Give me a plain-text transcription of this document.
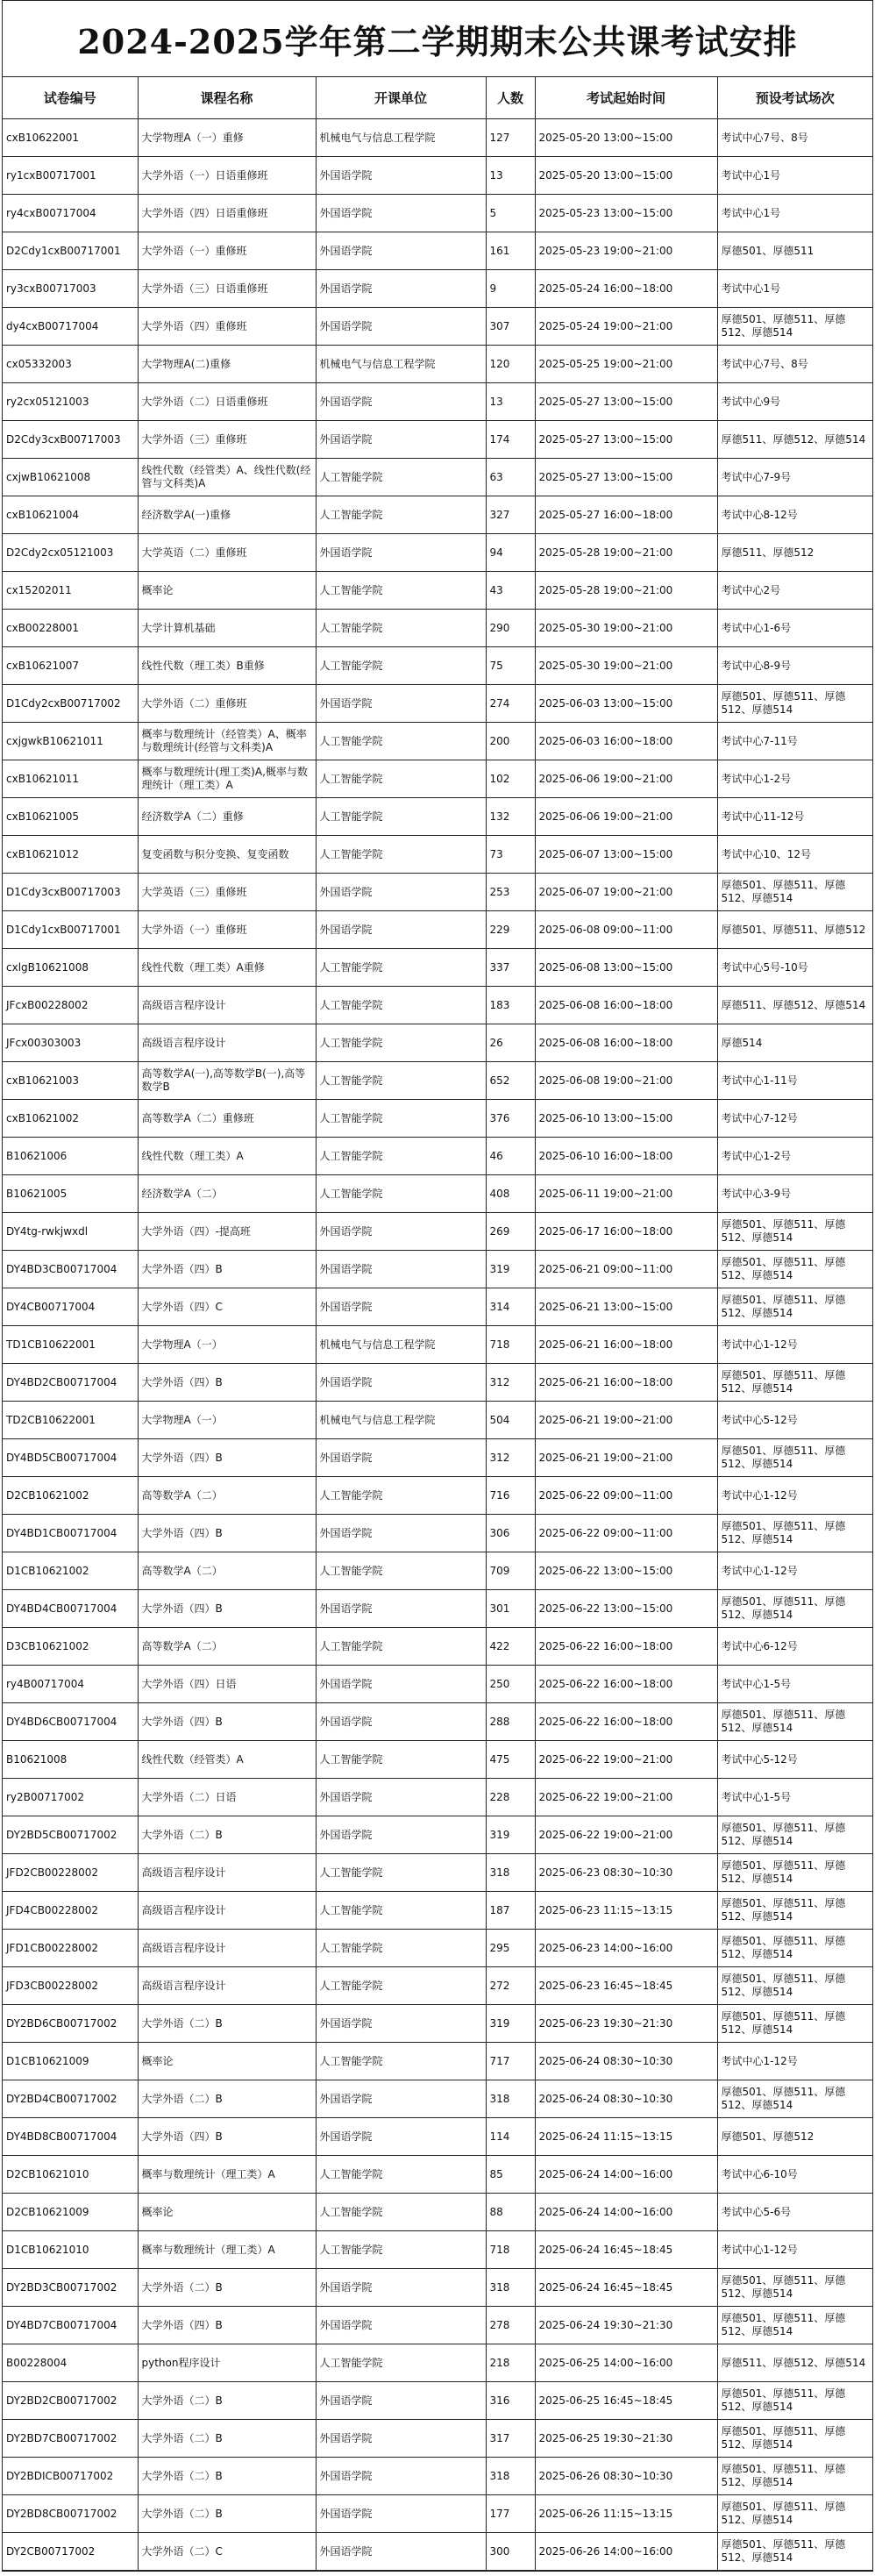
2024-2025学年第二学期期末公共课考试安排
试卷编号	课程名称	开课单位	人数	考试起始时间	预设考试场次
cxB10622001	大学物理A（一）重修	机械电气与信息工程学院	127	2025-05-20 13:00~15:00	考试中心7号、8号
ry1cxB00717001	大学外语（一）日语重修班	外国语学院	13	2025-05-20 13:00~15:00	考试中心1号
ry4cxB00717004	大学外语（四）日语重修班	外国语学院	5	2025-05-23 13:00~15:00	考试中心1号
D2Cdy1cxB00717001	大学外语（一）重修班	外国语学院	161	2025-05-23 19:00~21:00	厚德501、厚德511
ry3cxB00717003	大学外语（三）日语重修班	外国语学院	9	2025-05-24 16:00~18:00	考试中心1号
dy4cxB00717004	大学外语（四）重修班	外国语学院	307	2025-05-24 19:00~21:00	厚德501、厚德511、厚德512、厚德514
cx05332003	大学物理A(二)重修	机械电气与信息工程学院	120	2025-05-25 19:00~21:00	考试中心7号、8号
ry2cx05121003	大学外语（二）日语重修班	外国语学院	13	2025-05-27 13:00~15:00	考试中心9号
D2Cdy3cxB00717003	大学外语（三）重修班	外国语学院	174	2025-05-27 13:00~15:00	厚德511、厚德512、厚德514
cxjwB10621008	线性代数（经管类）A、线性代数(经管与文科类)A	人工智能学院	63	2025-05-27 13:00~15:00	考试中心7-9号
cxB10621004	经济数学A(一)重修	人工智能学院	327	2025-05-27 16:00~18:00	考试中心8-12号
D2Cdy2cx05121003	大学英语（二）重修班	外国语学院	94	2025-05-28 19:00~21:00	厚德511、厚德512
cx15202011	概率论	人工智能学院	43	2025-05-28 19:00~21:00	考试中心2号
cxB00228001	大学计算机基础	人工智能学院	290	2025-05-30 19:00~21:00	考试中心1-6号
cxB10621007	线性代数（理工类）B重修	人工智能学院	75	2025-05-30 19:00~21:00	考试中心8-9号
D1Cdy2cxB00717002	大学外语（二）重修班	外国语学院	274	2025-06-03 13:00~15:00	厚德501、厚德511、厚德512、厚德514
cxjgwkB10621011	概率与数理统计（经管类）A、概率与数理统计(经管与文科类)A	人工智能学院	200	2025-06-03 16:00~18:00	考试中心7-11号
cxB10621011	概率与数理统计(理工类)A,概率与数理统计（理工类）A	人工智能学院	102	2025-06-06 19:00~21:00	考试中心1-2号
cxB10621005	经济数学A（二）重修	人工智能学院	132	2025-06-06 19:00~21:00	考试中心11-12号
cxB10621012	复变函数与积分变换、复变函数	人工智能学院	73	2025-06-07 13:00~15:00	考试中心10、12号
D1Cdy3cxB00717003	大学英语（三）重修班	外国语学院	253	2025-06-07 19:00~21:00	厚德501、厚德511、厚德512、厚德514
D1Cdy1cxB00717001	大学外语（一）重修班	外国语学院	229	2025-06-08 09:00~11:00	厚德501、厚德511、厚德512
cxlgB10621008	线性代数（理工类）A重修	人工智能学院	337	2025-06-08 13:00~15:00	考试中心5号-10号
JFcxB00228002	高级语言程序设计	人工智能学院	183	2025-06-08 16:00~18:00	厚德511、厚德512、厚德514
JFcx00303003	高级语言程序设计	人工智能学院	26	2025-06-08 16:00~18:00	厚德514
cxB10621003	高等数学A(一),高等数学B(一),高等数学B	人工智能学院	652	2025-06-08 19:00~21:00	考试中心1-11号
cxB10621002	高等数学A（二）重修班	人工智能学院	376	2025-06-10 13:00~15:00	考试中心7-12号
B10621006	线性代数（理工类）A	人工智能学院	46	2025-06-10 16:00~18:00	考试中心1-2号
B10621005	经济数学A（二）	人工智能学院	408	2025-06-11 19:00~21:00	考试中心3-9号
DY4tg-rwkjwxdl	大学外语（四）-提高班	外国语学院	269	2025-06-17 16:00~18:00	厚德501、厚德511、厚德512、厚德514
DY4BD3CB00717004	大学外语（四）B	外国语学院	319	2025-06-21 09:00~11:00	厚德501、厚德511、厚德512、厚德514
DY4CB00717004	大学外语（四）C	外国语学院	314	2025-06-21 13:00~15:00	厚德501、厚德511、厚德512、厚德514
TD1CB10622001	大学物理A（一）	机械电气与信息工程学院	718	2025-06-21 16:00~18:00	考试中心1-12号
DY4BD2CB00717004	大学外语（四）B	外国语学院	312	2025-06-21 16:00~18:00	厚德501、厚德511、厚德512、厚德514
TD2CB10622001	大学物理A（一）	机械电气与信息工程学院	504	2025-06-21 19:00~21:00	考试中心5-12号
DY4BD5CB00717004	大学外语（四）B	外国语学院	312	2025-06-21 19:00~21:00	厚德501、厚德511、厚德512、厚德514
D2CB10621002	高等数学A（二）	人工智能学院	716	2025-06-22 09:00~11:00	考试中心1-12号
DY4BD1CB00717004	大学外语（四）B	外国语学院	306	2025-06-22 09:00~11:00	厚德501、厚德511、厚德512、厚德514
D1CB10621002	高等数学A（二）	人工智能学院	709	2025-06-22 13:00~15:00	考试中心1-12号
DY4BD4CB00717004	大学外语（四）B	外国语学院	301	2025-06-22 13:00~15:00	厚德501、厚德511、厚德512、厚德514
D3CB10621002	高等数学A（二）	人工智能学院	422	2025-06-22 16:00~18:00	考试中心6-12号
ry4B00717004	大学外语（四）日语	外国语学院	250	2025-06-22 16:00~18:00	考试中心1-5号
DY4BD6CB00717004	大学外语（四）B	外国语学院	288	2025-06-22 16:00~18:00	厚德501、厚德511、厚德512、厚德514
B10621008	线性代数（经管类）A	人工智能学院	475	2025-06-22 19:00~21:00	考试中心5-12号
ry2B00717002	大学外语（二）日语	外国语学院	228	2025-06-22 19:00~21:00	考试中心1-5号
DY2BD5CB00717002	大学外语（二）B	外国语学院	319	2025-06-22 19:00~21:00	厚德501、厚德511、厚德512、厚德514
JFD2CB00228002	高级语言程序设计	人工智能学院	318	2025-06-23 08:30~10:30	厚德501、厚德511、厚德512、厚德514
JFD4CB00228002	高级语言程序设计	人工智能学院	187	2025-06-23 11:15~13:15	厚德501、厚德511、厚德512、厚德514
JFD1CB00228002	高级语言程序设计	人工智能学院	295	2025-06-23 14:00~16:00	厚德501、厚德511、厚德512、厚德514
JFD3CB00228002	高级语言程序设计	人工智能学院	272	2025-06-23 16:45~18:45	厚德501、厚德511、厚德512、厚德514
DY2BD6CB00717002	大学外语（二）B	外国语学院	319	2025-06-23 19:30~21:30	厚德501、厚德511、厚德512、厚德514
D1CB10621009	概率论	人工智能学院	717	2025-06-24 08:30~10:30	考试中心1-12号
DY2BD4CB00717002	大学外语（二）B	外国语学院	318	2025-06-24 08:30~10:30	厚德501、厚德511、厚德512、厚德514
DY4BD8CB00717004	大学外语（四）B	外国语学院	114	2025-06-24 11:15~13:15	厚德501、厚德512
D2CB10621010	概率与数理统计（理工类）A	人工智能学院	85	2025-06-24 14:00~16:00	考试中心6-10号
D2CB10621009	概率论	人工智能学院	88	2025-06-24 14:00~16:00	考试中心5-6号
D1CB10621010	概率与数理统计（理工类）A	人工智能学院	718	2025-06-24 16:45~18:45	考试中心1-12号
DY2BD3CB00717002	大学外语（二）B	外国语学院	318	2025-06-24 16:45~18:45	厚德501、厚德511、厚德512、厚德514
DY4BD7CB00717004	大学外语（四）B	外国语学院	278	2025-06-24 19:30~21:30	厚德501、厚德511、厚德512、厚德514
B00228004	python程序设计	人工智能学院	218	2025-06-25 14:00~16:00	厚德511、厚德512、厚德514
DY2BD2CB00717002	大学外语（二）B	外国语学院	316	2025-06-25 16:45~18:45	厚德501、厚德511、厚德512、厚德514
DY2BD7CB00717002	大学外语（二）B	外国语学院	317	2025-06-25 19:30~21:30	厚德501、厚德511、厚德512、厚德514
DY2BDICB00717002	大学外语（二）B	外国语学院	318	2025-06-26 08:30~10:30	厚德501、厚德511、厚德512、厚德514
DY2BD8CB00717002	大学外语（二）B	外国语学院	177	2025-06-26 11:15~13:15	厚德501、厚德511、厚德512、厚德514
DY2CB00717002	大学外语（二）C	外国语学院	300	2025-06-26 14:00~16:00	厚德501、厚德511、厚德512、厚德514
